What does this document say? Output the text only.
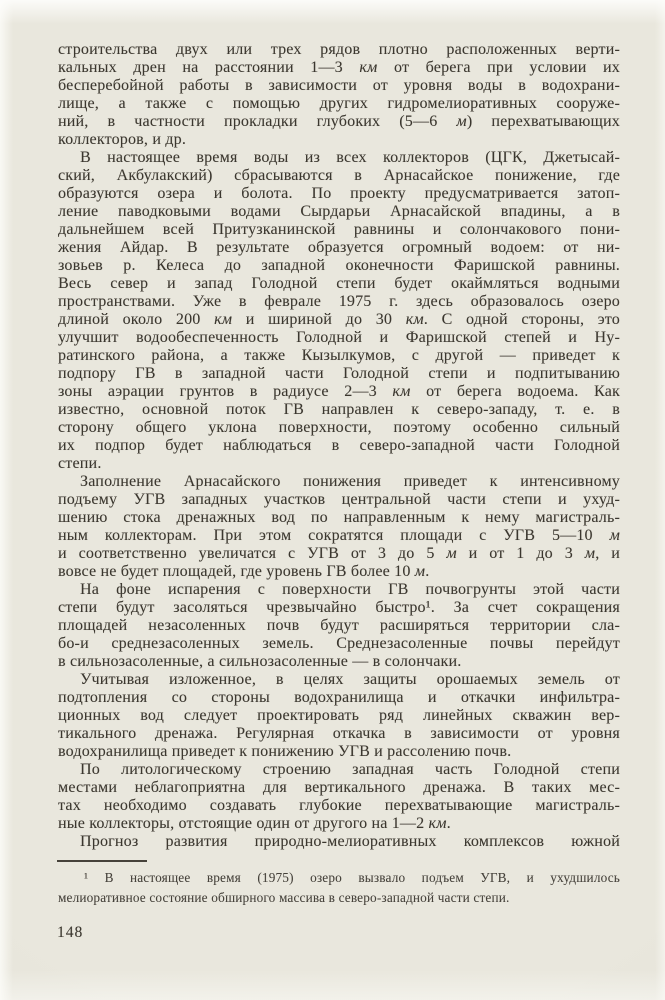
строительства двух или трех рядов плотно расположенных верти-
кальных дрен на расстоянии 1—3 км от берега при условии их
бесперебойной работы в зависимости от уровня воды в водохрани-
лище, а также с помощью других гидромелиоративных сооруже-
ний, в частности прокладки глубоких (5—6 м) перехватывающих
коллекторов, и др.
В настоящее время воды из всех коллекторов (ЦГК, Джетысай-
ский, Акбулакский) сбрасываются в Арнасайское понижение, где
образуются озера и болота. По проекту предусматривается затоп-
ление паводковыми водами Сырдарьи Арнасайской впадины, а в
дальнейшем всей Притузканинской равнины и солончакового пони-
жения Айдар. В результате образуется огромный водоем: от ни-
зовьев р. Келеса до западной оконечности Фаришской равнины.
Весь север и запад Голодной степи будет окаймляться водными
пространствами. Уже в феврале 1975 г. здесь образовалось озеро
длиной около 200 км и шириной до 30 км. С одной стороны, это
улучшит водообеспеченность Голодной и Фаришской степей и Ну-
ратинского района, а также Кызылкумов, с другой — приведет к
подпору ГВ в западной части Голодной степи и подпитыванию
зоны аэрации грунтов в радиусе 2—3 км от берега водоема. Как
известно, основной поток ГВ направлен к северо-западу, т. е. в
сторону общего уклона поверхности, поэтому особенно сильный
их подпор будет наблюдаться в северо-западной части Голодной
степи.
Заполнение Арнасайского понижения приведет к интенсивному
подъему УГВ западных участков центральной части степи и ухуд-
шению стока дренажных вод по направленным к нему магистраль-
ным коллекторам. При этом сократятся площади с УГВ 5—10 м
и соответственно увеличатся с УГВ от 3 до 5 м и от 1 до 3 м, и
вовсе не будет площадей, где уровень ГВ более 10 м.
На фоне испарения с поверхности ГВ почвогрунты этой части
степи будут засоляться чрезвычайно быстро¹. За счет сокращения
площадей незасоленных почв будут расширяться территории сла-
бо-и среднезасоленных земель. Среднезасоленные почвы перейдут
в сильнозасоленные, а сильнозасоленные — в солончаки.
Учитывая изложенное, в целях защиты орошаемых земель от
подтопления со стороны водохранилища и откачки инфильтра-
ционных вод следует проектировать ряд линейных скважин вер-
тикального дренажа. Регулярная откачка в зависимости от уровня
водохранилища приведет к понижению УГВ и рассолению почв.
По литологическому строению западная часть Голодной степи
местами неблагоприятна для вертикального дренажа. В таких мес-
тах необходимо создавать глубокие перехватывающие магистраль-
ные коллекторы, отстоящие один от другого на 1—2 км.
Прогноз развития природно-мелиоративных комплексов южной
¹ В настоящее время (1975) озеро вызвало подъем УГВ, и ухудшилось
мелиоративное состояние обширного массива в северо-западной части степи.
148
